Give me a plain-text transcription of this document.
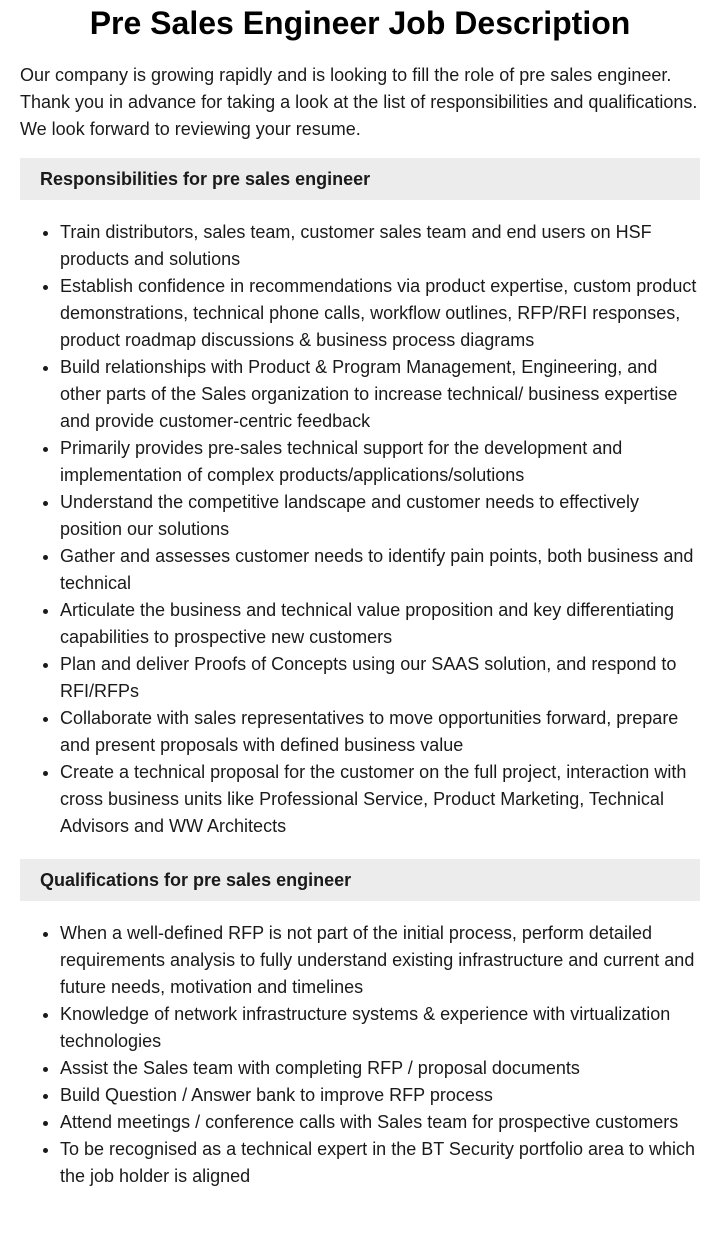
Pre Sales Engineer Job Description

Our company is growing rapidly and is looking to fill the role of pre sales engineer. Thank you in advance for taking a look at the list of responsibilities and qualifications. We look forward to reviewing your resume.

Responsibilities for pre sales engineer
• Train distributors, sales team, customer sales team and end users on HSF products and solutions
• Establish confidence in recommendations via product expertise, custom product demonstrations, technical phone calls, workflow outlines, RFP/RFI responses, product roadmap discussions & business process diagrams
• Build relationships with Product & Program Management, Engineering, and other parts of the Sales organization to increase technical/ business expertise and provide customer-centric feedback
• Primarily provides pre-sales technical support for the development and implementation of complex products/applications/solutions
• Understand the competitive landscape and customer needs to effectively position our solutions
• Gather and assesses customer needs to identify pain points, both business and technical
• Articulate the business and technical value proposition and key differentiating capabilities to prospective new customers
• Plan and deliver Proofs of Concepts using our SAAS solution, and respond to RFI/RFPs
• Collaborate with sales representatives to move opportunities forward, prepare and present proposals with defined business value
• Create a technical proposal for the customer on the full project, interaction with cross business units like Professional Service, Product Marketing, Technical Advisors and WW Architects
Qualifications for pre sales engineer
• When a well-defined RFP is not part of the initial process, perform detailed requirements analysis to fully understand existing infrastructure and current and future needs, motivation and timelines
• Knowledge of network infrastructure systems & experience with virtualization technologies
• Assist the Sales team with completing RFP / proposal documents
• Build Question / Answer bank to improve RFP process
• Attend meetings / conference calls with Sales team for prospective customers
• To be recognised as a technical expert in the BT Security portfolio area to which the job holder is aligned
